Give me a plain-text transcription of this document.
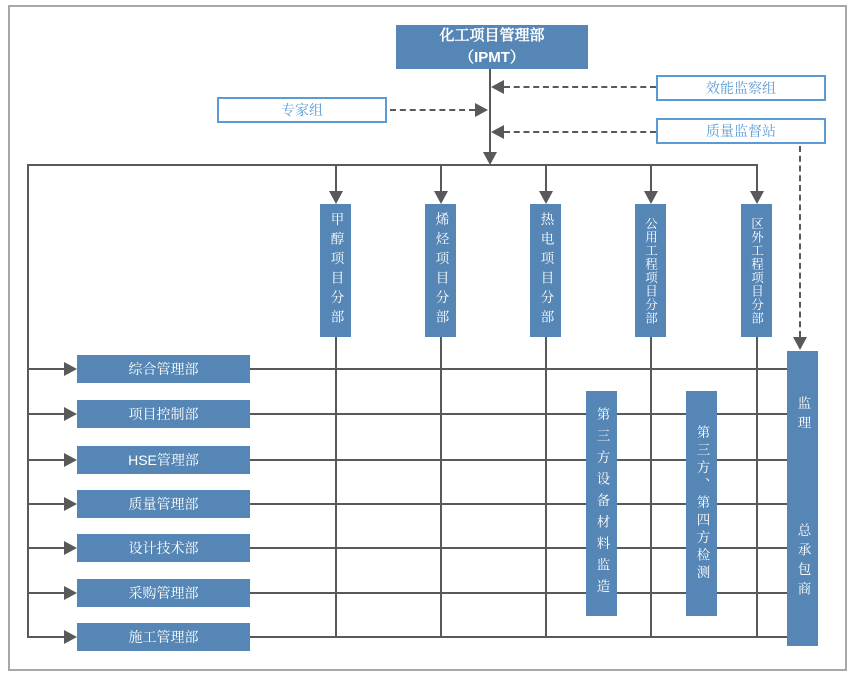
化工项目管理部
（IPMT）
专家组
效能监察组
质量监督站
甲醇项目分部	烯烃项目分部	热电项目分部	公用工程项目分部	区外工程项目分部
综合管理部
项目控制部
HSE管理部
质量管理部
设计技术部
采购管理部
施工管理部
第三方设备材料监造	第三方、第四方检测
监理
总承包商
